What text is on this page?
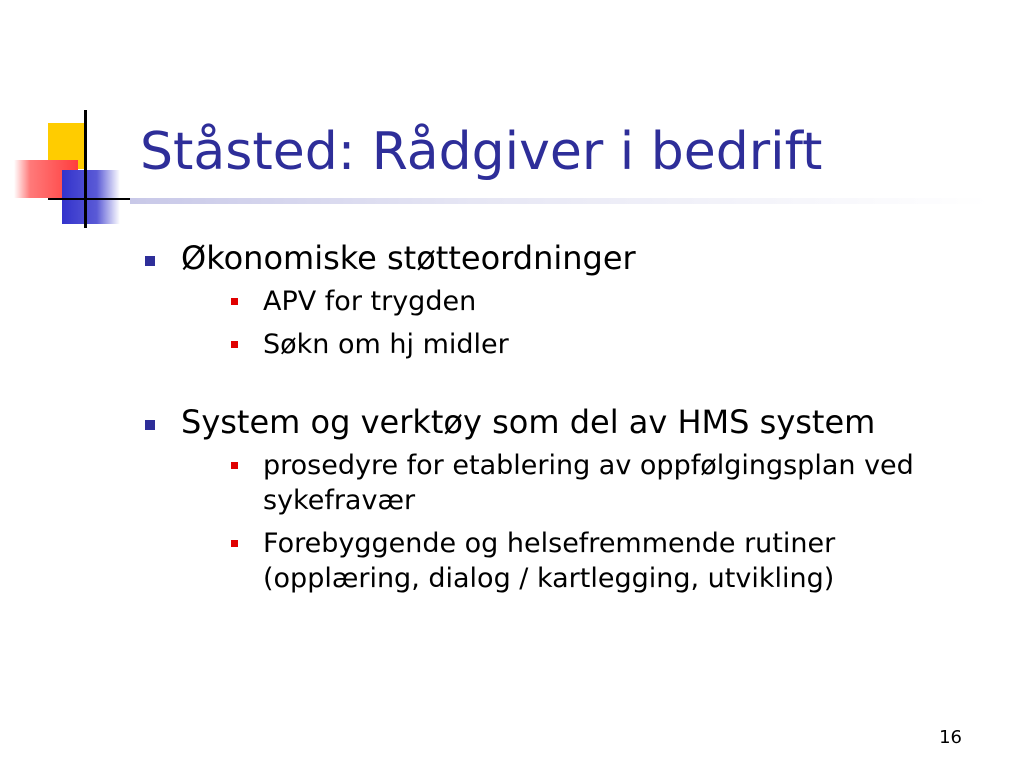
Ståsted: Rådgiver i bedrift
Økonomiske støtteordninger
APV for trygden
Søkn om hj midler
System og verktøy som del av HMS system
prosedyre for etablering av oppfølgingsplan ved sykefravær
Forebyggende og helsefremmende rutiner (opplæring, dialog / kartlegging, utvikling)
16
